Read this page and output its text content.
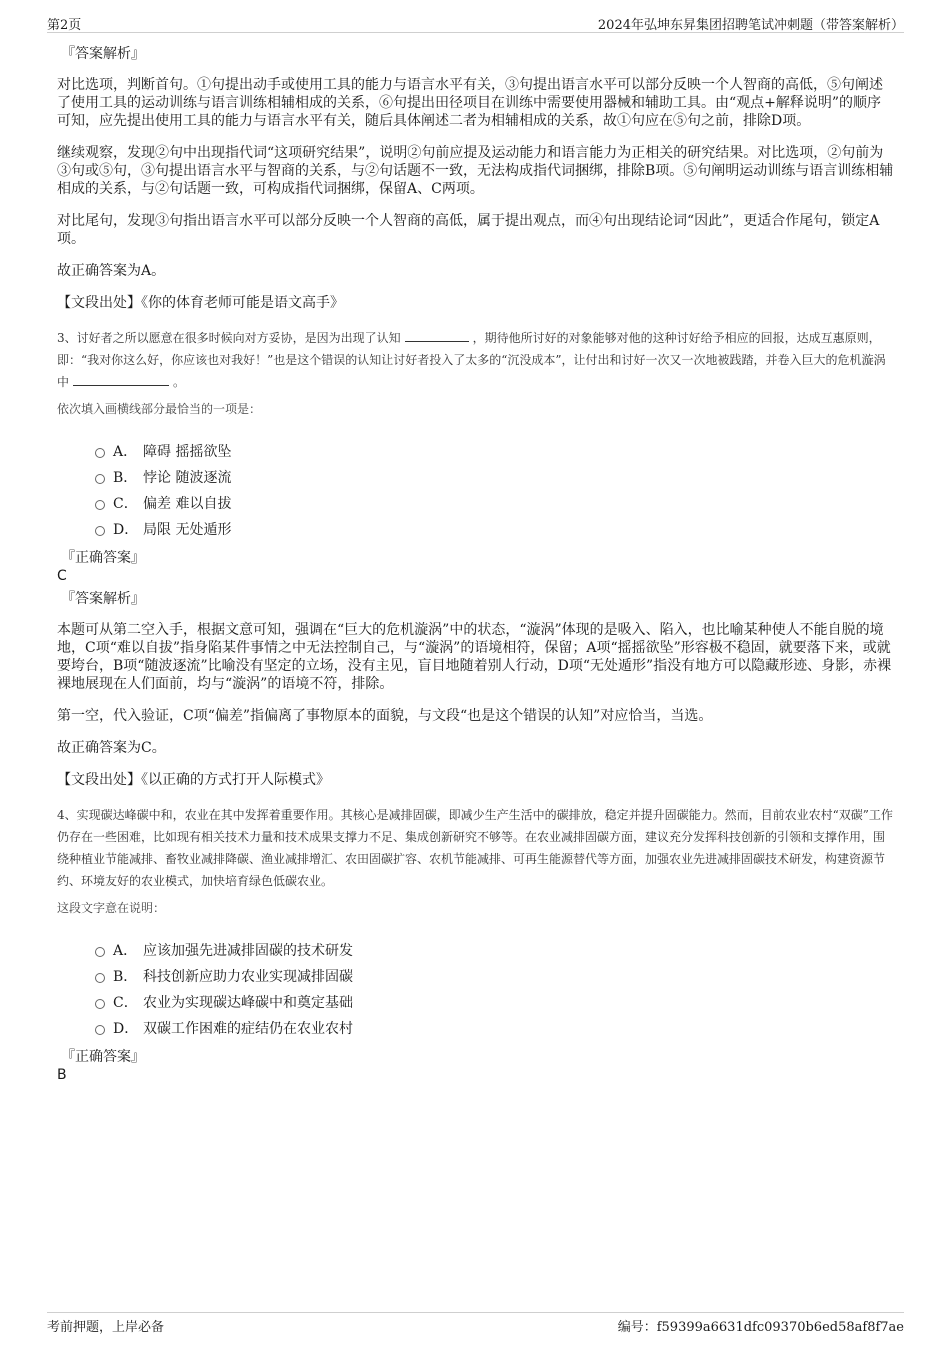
第2页	2024年弘坤东昇集团招聘笔试冲刺题（带答案解析）
『答案解析』

对比选项，判断首句。①句提出动手或使用工具的能力与语言水平有关，③句提出语言水平可以部分反映一个人智商的高低，⑤句阐述了使用工具的运动训练与语言训练相辅相成的关系，⑥句提出田径项目在训练中需要使用器械和辅助工具。由“观点+解释说明”的顺序可知，应先提出使用工具的能力与语言水平有关，随后具体阐述二者为相辅相成的关系，故①句应在⑤句之前，排除D项。

继续观察，发现②句中出现指代词“这项研究结果”，说明②句前应提及运动能力和语言能力为正相关的研究结果。对比选项，②句前为③句或⑤句，③句提出语言水平与智商的关系，与②句话题不一致，无法构成指代词捆绑，排除B项。⑤句阐明运动训练与语言训练相辅相成的关系，与②句话题一致，可构成指代词捆绑，保留A、C两项。

对比尾句，发现③句指出语言水平可以部分反映一个人智商的高低，属于提出观点，而④句出现结论词“因此”，更适合作尾句，锁定A项。

故正确答案为A。

【文段出处】《你的体育老师可能是语文高手》

3、讨好者之所以愿意在很多时候向对方妥协，是因为出现了认知	，期待他所讨好的对象能够对他的这种讨好给予相应的回报，达成互惠原则，即：“我对你这么好，你应该也对我好！”也是这个错误的认知让讨好者投入了太多的“沉没成本”，让付出和讨好一次又一次地被践踏，并卷入巨大的危机漩涡中	。

依次填入画横线部分最恰当的一项是：

A． 障碍 摇摇欲坠
B． 悖论 随波逐流
C． 偏差 难以自拔
D． 局限 无处遁形
『正确答案』
C
『答案解析』

本题可从第二空入手，根据文意可知，强调在“巨大的危机漩涡”中的状态，“漩涡”体现的是吸入、陷入，也比喻某种使人不能自脱的境地，C项“难以自拔”指身陷某件事情之中无法控制自己，与“漩涡”的语境相符，保留；A项“摇摇欲坠”形容极不稳固，就要落下来，或就要垮台，B项“随波逐流”比喻没有坚定的立场，没有主见，盲目地随着别人行动，D项“无处遁形”指没有地方可以隐藏形迹、身影，赤裸裸地展现在人们面前，均与“漩涡”的语境不符，排除。

第一空，代入验证，C项“偏差”指偏离了事物原本的面貌，与文段“也是这个错误的认知”对应恰当，当选。

故正确答案为C。

【文段出处】《以正确的方式打开人际模式》

4、实现碳达峰碳中和，农业在其中发挥着重要作用。其核心是减排固碳，即减少生产生活中的碳排放，稳定并提升固碳能力。然而，目前农业农村“双碳”工作仍存在一些困难，比如现有相关技术力量和技术成果支撑力不足、集成创新研究不够等。在农业减排固碳方面，建议充分发挥科技创新的引领和支撑作用，围绕种植业节能减排、畜牧业减排降碳、渔业减排增汇、农田固碳扩容、农机节能减排、可再生能源替代等方面，加强农业先进减排固碳技术研发，构建资源节约、环境友好的农业模式，加快培育绿色低碳农业。

这段文字意在说明：

A． 应该加强先进减排固碳的技术研发
B． 科技创新应助力农业实现减排固碳
C． 农业为实现碳达峰碳中和奠定基础
D． 双碳工作困难的症结仍在农业农村
『正确答案』
B
考前押题，上岸必备	编号：f59399a6631dfc09370b6ed58af8f7ae
